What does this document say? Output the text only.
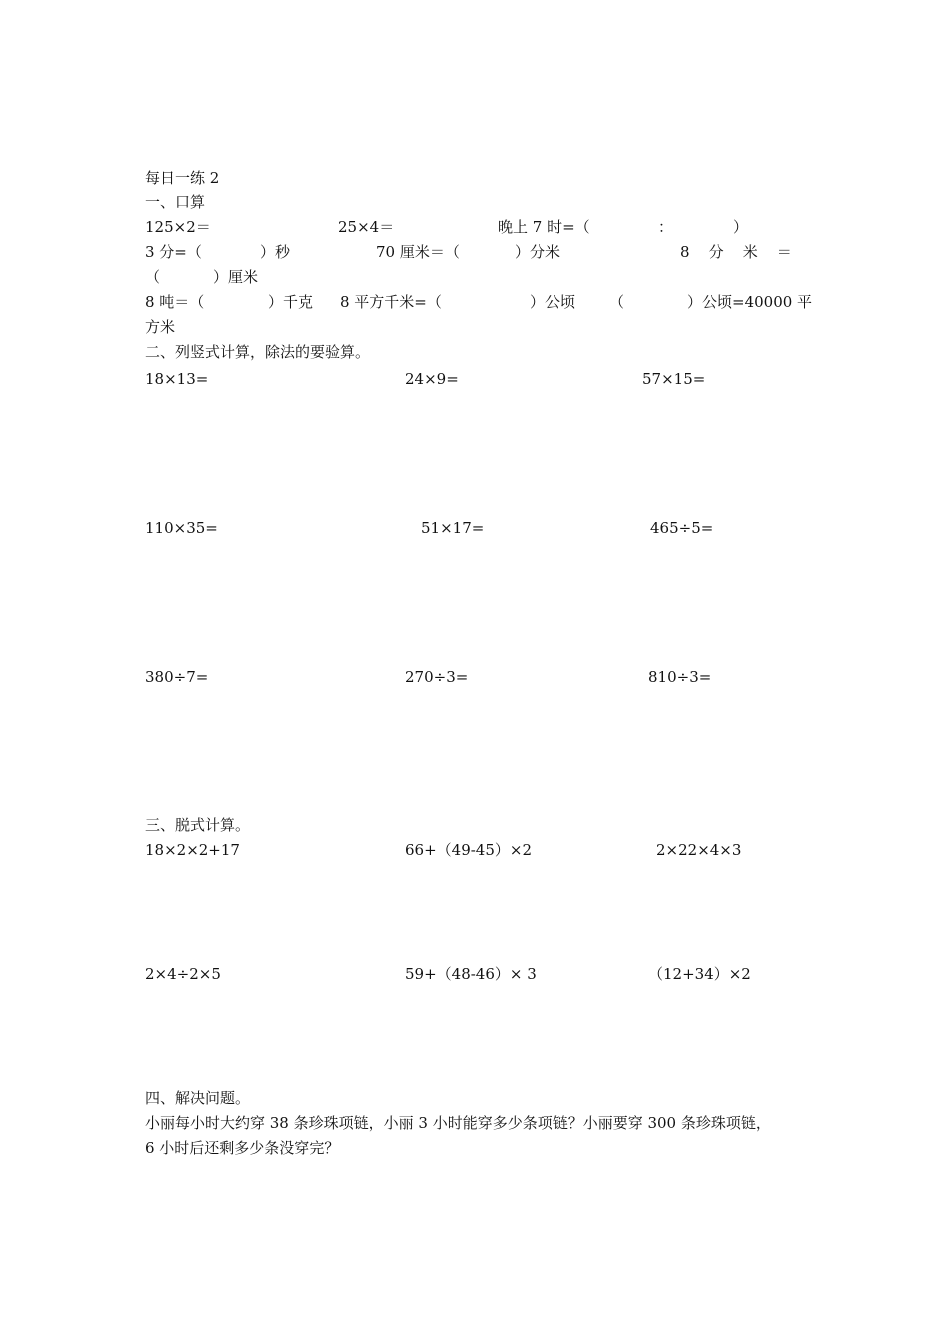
每日一练 2
一、口算
125×2＝	25×4＝	晚上 7 时=（	：	）
3 分=（	）秒	70 厘米＝（	）分米	8    分    米    ＝
（	）厘米
8 吨＝（	）千克 8 平方千米=（	）公顷 （	）公顷=40000 平
方米
二、列竖式计算，除法的要验算。
18×13=	24×9=	57×15=
110×35=	51×17=	465÷5=
380÷7=	270÷3=	810÷3=
三、脱式计算。
18×2×2+17	66+（49-45）×2	2×22×4×3
2×4÷2×5	59+（48-46）× 3	（12+34）×2
四、解决问题。
小丽每小时大约穿 38 条珍珠项链，小丽 3 小时能穿多少条项链？小丽要穿 300 条珍珠项链，
6 小时后还剩多少条没穿完？
